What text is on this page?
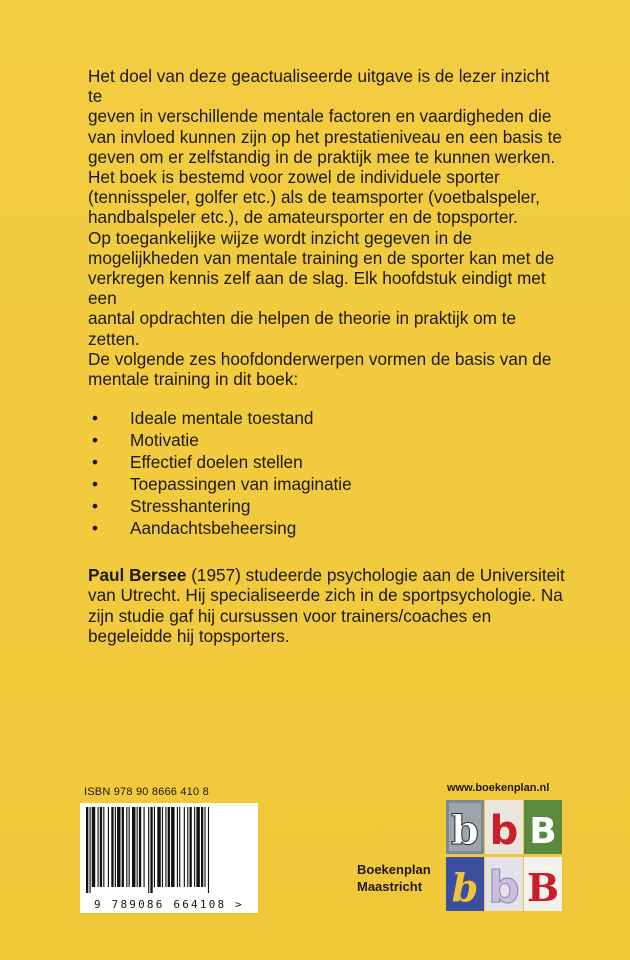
Het doel van deze geactualiseerde uitgave is de lezer inzicht te
geven in verschillende mentale factoren en vaardigheden die
van invloed kunnen zijn op het prestatieniveau en een basis te
geven om er zelfstandig in de praktijk mee te kunnen werken.
Het boek is bestemd voor zowel de individuele sporter
(tennisspeler, golfer etc.) als de teamsporter (voetbalspeler,
handbalspeler etc.), de amateursporter en de topsporter.
Op toegankelijke wijze wordt inzicht gegeven in de
mogelijkheden van mentale training en de sporter kan met de
verkregen kennis zelf aan de slag. Elk hoofdstuk eindigt met een
aantal opdrachten die helpen de theorie in praktijk om te zetten.
De volgende zes hoofdonderwerpen vormen de basis van de
mentale training in dit boek:

• Ideale mentale toestand
• Motivatie
• Effectief doelen stellen
• Toepassingen van imaginatie
• Stresshantering
• Aandachtsbeheersing

Paul Bersee (1957) studeerde psychologie aan de Universiteit
van Utrecht. Hij specialiseerde zich in de sportpsychologie. Na
zijn studie gaf hij cursussen voor trainers/coaches en
begeleidde hij topsporters.

ISBN 978 90 8666 410 8
9 789086 664108 >
www.boekenplan.nl
b b B
b b B
Boekenplan
Maastricht
